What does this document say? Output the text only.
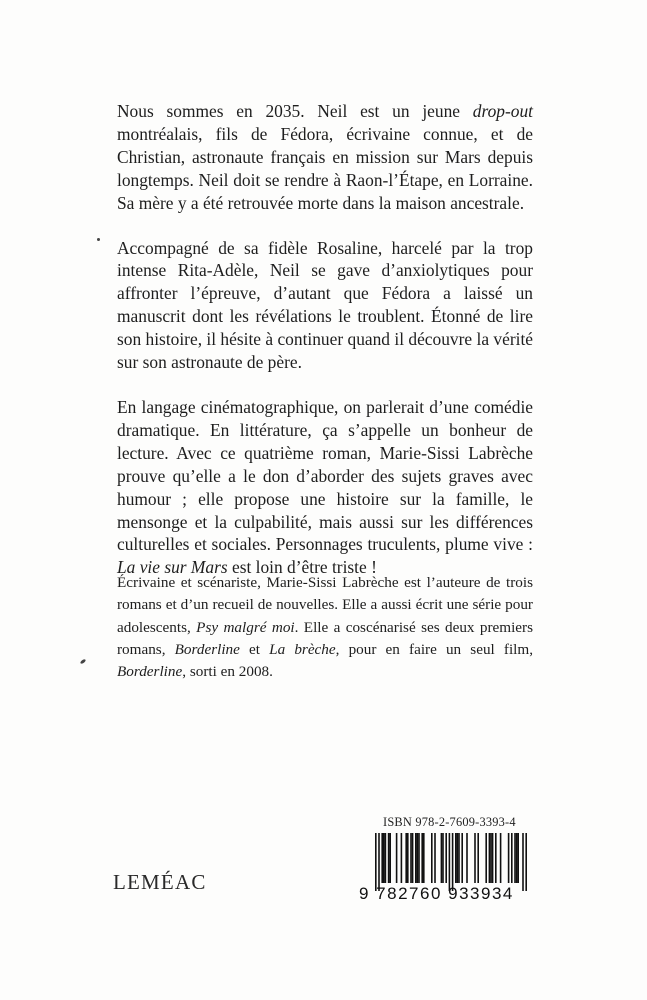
Nous sommes en 2035. Neil est un jeune drop-out montréalais, fils de Fédora, écrivaine connue, et de Christian, astronaute français en mission sur Mars depuis longtemps. Neil doit se rendre à Raon-l’Étape, en Lorraine. Sa mère y a été retrouvée morte dans la maison ancestrale.

Accompagné de sa fidèle Rosaline, harcelé par la trop intense Rita-Adèle, Neil se gave d’anxiolytiques pour affronter l’épreuve, d’autant que Fédora a laissé un manuscrit dont les révélations le troublent. Étonné de lire son histoire, il hésite à continuer quand il découvre la vérité sur son astronaute de père.

En langage cinématographique, on parlerait d’une comédie dramatique. En littérature, ça s’appelle un bonheur de lecture. Avec ce quatrième roman, Marie-Sissi Labrèche prouve qu’elle a le don d’aborder des sujets graves avec humour ; elle propose une histoire sur la famille, le mensonge et la culpabilité, mais aussi sur les différences culturelles et sociales. Personnages truculents, plume vive : La vie sur Mars est loin d’être triste !

Écrivaine et scénariste, Marie-Sissi Labrèche est l’auteure de trois romans et d’un recueil de nouvelles. Elle a aussi écrit une série pour adolescents, Psy malgré moi. Elle a coscénarisé ses deux premiers romans, Borderline et La brèche, pour en faire un seul film, Borderline, sorti en 2008.

ISBN 978-2-7609-3393-4
9 782760 933934
LEMÉAC
